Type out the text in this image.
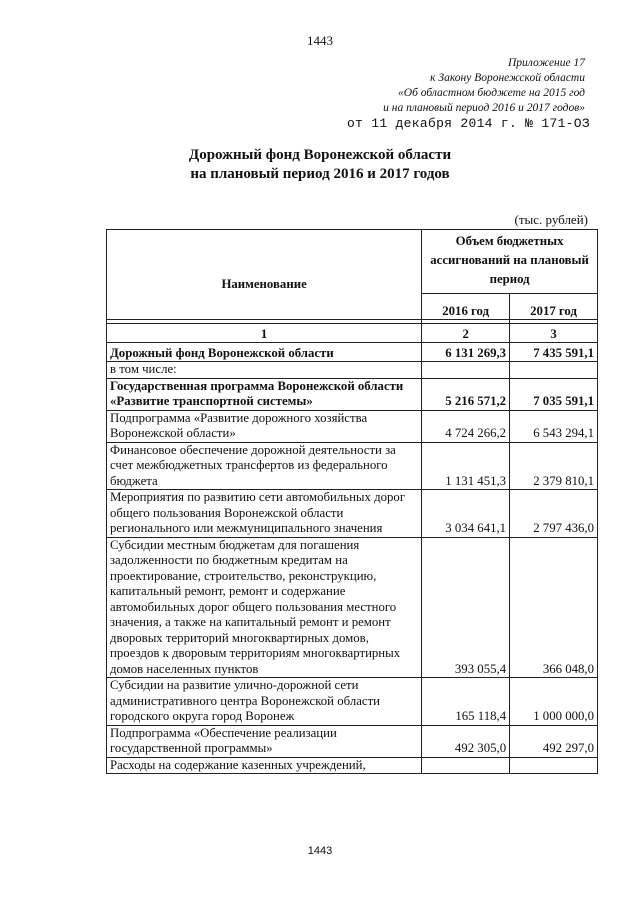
1443
Приложение 17
к Закону Воронежской области
«Об областном бюджете на 2015 год
и на плановый период 2016 и 2017 годов»
от 11 декабря 2014 г. № 171-ОЗ
Дорожный фонд Воронежской области
на плановый период 2016 и 2017 годов
(тыс. рублей)
Наименование	Объем бюджетных ассигнований на плановый период	
	2016 год	2017 год

1	2	3
Дорожный фонд Воронежской области	6 131 269,3	7 435 591,1
в том числе:		
Государственная программа Воронежской области «Развитие транспортной системы»	5 216 571,2	7 035 591,1
Подпрограмма «Развитие дорожного хозяйства Воронежской области»	4 724 266,2	6 543 294,1
Финансовое обеспечение дорожной деятельности за счет межбюджетных трансфертов из федерального бюджета	1 131 451,3	2 379 810,1
Мероприятия по развитию сети автомобильных дорог общего пользования Воронежской области регионального или межмуниципального значения	3 034 641,1	2 797 436,0
Субсидии местным бюджетам для погашения задолженности по бюджетным кредитам на проектирование, строительство, реконструкцию, капитальный ремонт, ремонт и содержание автомобильных дорог общего пользования местного значения, а также на капитальный ремонт и ремонт дворовых территорий многоквартирных домов, проездов к дворовым территориям многоквартирных домов населенных пунктов	393 055,4	366 048,0
Субсидии на развитие улично-дорожной сети административного центра Воронежской области городского округа город Воронеж	165 118,4	1 000 000,0
Подпрограмма «Обеспечение реализации государственной программы»	492 305,0	492 297,0
Расходы на содержание казенных учреждений,		
1443
